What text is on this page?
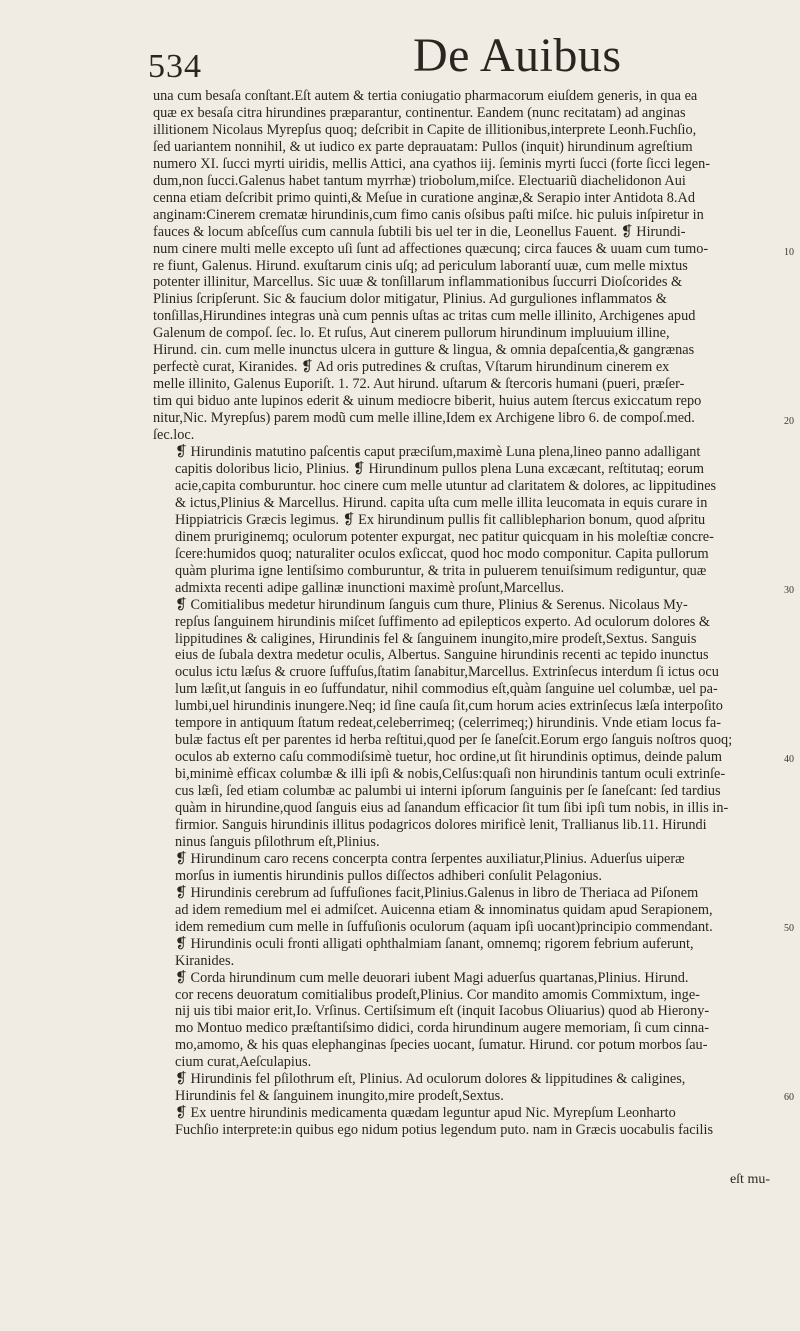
534	De Auibus

una cum besaſa conſtant.Eſt autem & tertia coniugatio pharmacorum eiuſdem generis, in qua ea
quæ ex besaſa citra hirundines præparantur, continentur. Eandem (nunc recitatam) ad anginas
illitionem Nicolaus Myrepſus quoq; deſcribit in Capite de illitionibus,interprete Leonh.Fuchſio,
ſed uariantem nonnihil, & ut iudico ex parte deprauatam: Pullos (inquit) hirundinum agreſtium
numero XI. ſucci myrti uiridis, mellis Attici, ana cyathos iij. ſeminis myrti ſucci (forte ſicci legen-
dum,non ſucci.Galenus habet tantum myrrhæ) triobolum,miſce. Electuariũ diachelidonon Aui
cenna etiam deſcribit primo quinti,& Meſue in curatione anginæ,& Serapio inter Antidota 8.Ad
anginam:Cinerem crematæ hirundinis,cum fimo canis oſsibus paſti miſce. hic puluis inſpiretur in
fauces & locum abſceſſus cum cannula ſubtili bis uel ter in die, Leonellus Fauent. ❡ Hirundi-
num cinere multi melle excepto uſi ſunt ad affectiones quæcunq; circa fauces & uuam cum tumo-
re fiunt, Galenus. Hirund. exuſtarum cinis uſq; ad periculum laborantí uuæ, cum melle mixtus
potenter illinitur, Marcellus. Sic uuæ & tonſillarum inflammationibus ſuccurri Dioſcorides &
Plinius ſcripſerunt. Sic & faucium dolor mitigatur, Plinius. Ad gurguliones inflammatos &
tonſillas,Hirundines integras unà cum pennis uſtas ac tritas cum melle illinito, Archigenes apud
Galenum de compoſ. ſec. lo. Et ruſus, Aut cinerem pullorum hirundinum impluuium illine,
Hirund. cin. cum melle inunctus ulcera in gutture & lingua, & omnia depaſcentia,& gangrænas
perfectè curat, Kiranides. ❡ Ad oris putredines & cruſtas, Vſtarum hirundinum cinerem ex
melle illinito, Galenus Euporiſt. 1. 72. Aut hirund. uſtarum & ſtercoris humani (pueri, præſer-
tim qui biduo ante lupinos ederit & uinum mediocre biberit, huius autem ſtercus exiccatum repo
nitur,Nic. Myrepſus) parem modũ cum melle illine,Idem ex Archigene libro 6. de compoſ.med.
ſec.loc.

❡ Hirundinis matutino paſcentis caput præciſum,maximè Luna plena,lineo panno adalligant
capitis doloribus licio, Plinius. ❡ Hirundinum pullos plena Luna excæcant, reſtitutaq; eorum
acie,capita comburuntur. hoc cinere cum melle utuntur ad claritatem & dolores, ac lippitudines
& ictus,Plinius & Marcellus. Hirund. capita uſta cum melle illita leucomata in equis curare in
Hippiatricis Græcis legimus. ❡ Ex hirundinum pullis fit calliblepharion bonum, quod aſpritu
dinem pruriginemq; oculorum potenter expurgat, nec patitur quicquam in his moleſtiæ concre-
ſcere:humidos quoq; naturaliter oculos exſiccat, quod hoc modo componitur. Capita pullorum
quàm plurima igne lentiſsimo comburuntur, & trita in puluerem tenuiſsimum rediguntur, quæ
admixta recenti adipe gallinæ inunctioni maximè proſunt,Marcellus.

❡ Comitialibus medetur hirundinum ſanguis cum thure, Plinius & Serenus. Nicolaus My-
repſus ſanguinem hirundinis miſcet ſuffimento ad epilepticos experto. Ad oculorum dolores &
lippitudines & caligines, Hirundinis fel & ſanguinem inungito,mire prodeſt,Sextus. Sanguis
eius de ſubala dextra medetur oculis, Albertus. Sanguine hirundinis recenti ac tepido inunctus
oculus ictu læſus & cruore ſuffuſus,ſtatim ſanabitur,Marcellus. Extrinſecus interdum ſi ictus ocu
lum læſit,ut ſanguis in eo ſuffundatur, nihil commodius eſt,quàm ſanguine uel columbæ, uel pa-
lumbi,uel hirundinis inungere.Neq; id ſine cauſa ſit,cum horum acies extrinſecus læſa interpoſito
tempore in antiquum ſtatum redeat,celeberrimeq; (celerrimeq;) hirundinis. Vnde etiam locus fa-
bulæ factus eſt per parentes id herba reſtitui,quod per ſe ſaneſcit.Eorum ergo ſanguis noſtros quoq;
oculos ab externo caſu commodiſsimè tuetur, hoc ordine,ut ſit hirundinis optimus, deinde palum
bi,minimè efficax columbæ & illi ipſi & nobis,Celſus:quaſi non hirundinis tantum oculi extrinſe-
cus læſi, ſed etiam columbæ ac palumbi ui interni ipſorum ſanguinis per ſe ſaneſcant: ſed tardius
quàm in hirundine,quod ſanguis eius ad ſanandum efficacior ſit tum ſibi ipſi tum nobis, in illis in-
firmior. Sanguis hirundinis illitus podagricos dolores mirificè lenit, Trallianus lib.11. Hirundi
ninus ſanguis pſilothrum eſt,Plinius.

❡ Hirundinum caro recens concerpta contra ſerpentes auxiliatur,Plinius. Aduerſus uiperæ
morſus in iumentis hirundinis pullos diſſectos adhiberi conſulit Pelagonius.

❡ Hirundinis cerebrum ad ſuffuſiones facit,Plinius.Galenus in libro de Theriaca ad Piſonem
ad idem remedium mel ei admiſcet. Auicenna etiam & innominatus quidam apud Serapionem,
idem remedium cum melle in ſuffuſionis oculorum (aquam ipſi uocant)principio commendant.

❡ Hirundinis oculi fronti alligati ophthalmiam ſanant, omnemq; rigorem febrium auferunt,
Kiranides.

❡ Corda hirundinum cum melle deuorari iubent Magi aduerſus quartanas,Plinius. Hirund.
cor recens deuoratum comitialibus prodeſt,Plinius. Cor mandito amomis Commixtum, inge-
nij uis tibi maior erit,Io. Vrſinus. Certiſsimum eſt (inquit Iacobus Oliuarius) quod ab Hierony-
mo Montuo medico præſtantiſsimo didici, corda hirundinum augere memoriam, ſi cum cinna-
mo,amomo, & his quas elephanginas ſpecies uocant, ſumatur. Hirund. cor potum morbos ſau-
cium curat,Aeſculapius.

❡ Hirundinis fel pſilothrum eſt, Plinius. Ad oculorum dolores & lippitudines & caligines,
Hirundinis fel & ſanguinem inungito,mire prodeſt,Sextus.

❡ Ex uentre hirundinis medicamenta quædam leguntur apud Nic. Myrepſum Leonharto
Fuchſio interprete:in quibus ego nidum potius legendum puto. nam in Græcis uocabulis facilis

10
20
30
40
50
60
eſt mu-
